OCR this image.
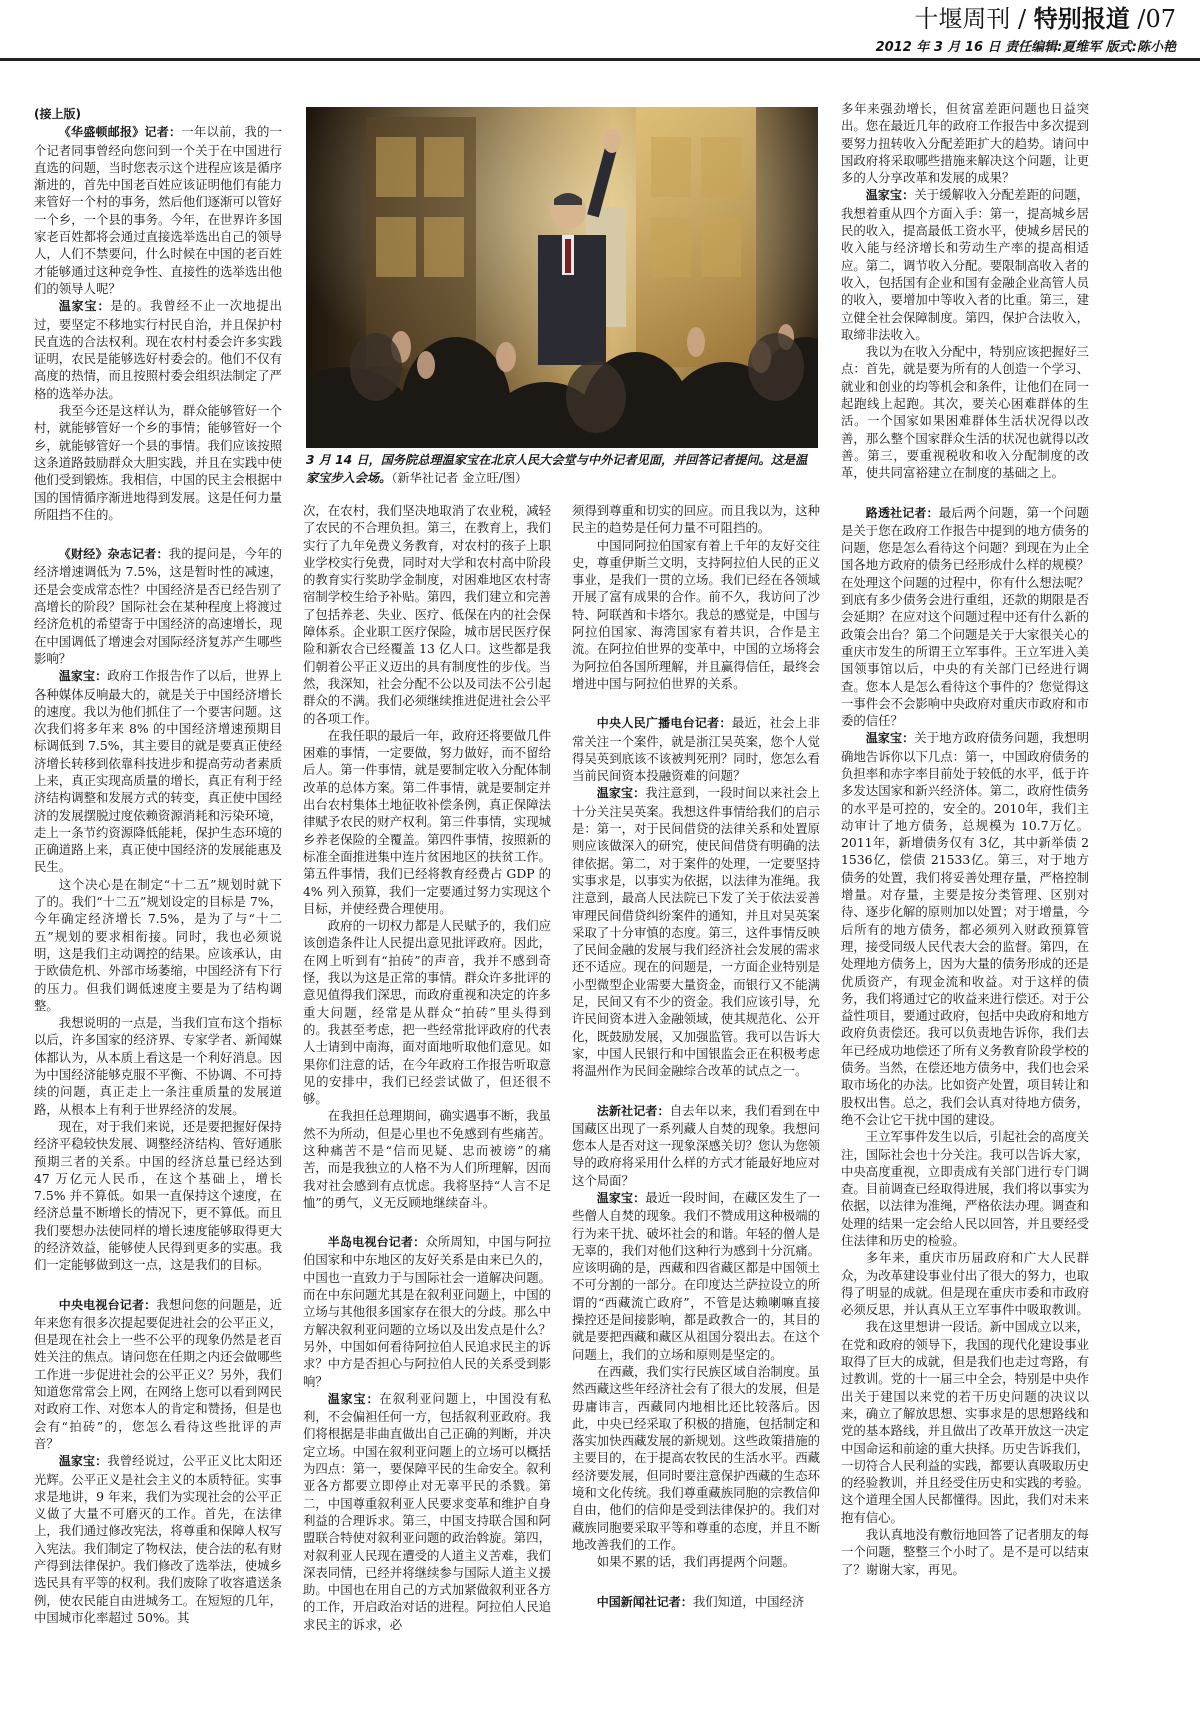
十堰周刊 / 特别报道 /07
2012 年 3 月 16 日 责任编辑:夏维军 版式:陈小艳

(接上版)

《华盛顿邮报》记者：一年以前，我的一个记者同事曾经向您问到一个关于在中国进行直选的问题，当时您表示这个进程应该是循序渐进的，首先中国老百姓应该证明他们有能力来管好一个村的事务，然后他们逐渐可以管好一个乡，一个县的事务。今年，在世界许多国家老百姓都将会通过直接选举选出自己的领导人，人们不禁要问，什么时候在中国的老百姓才能够通过这种竞争性、直接性的选举选出他们的领导人呢？

温家宝：是的。我曾经不止一次地提出过，要坚定不移地实行村民自治，并且保护村民直选的合法权利。现在农村村委会许多实践证明，农民是能够选好村委会的。他们不仅有高度的热情，而且按照村委会组织法制定了严格的选举办法。

我至今还是这样认为，群众能够管好一个村，就能够管好一个乡的事情；能够管好一个乡，就能够管好一个县的事情。我们应该按照这条道路鼓励群众大胆实践，并且在实践中使他们受到锻炼。我相信，中国的民主会根据中国的国情循序渐进地得到发展。这是任何力量所阻挡不住的。

《财经》杂志记者：我的提问是，今年的经济增速调低为 7.5%，这是暂时性的减速，还是会变成常态性？中国经济是否已经告别了高增长的阶段？国际社会在某种程度上将渡过经济危机的希望寄于中国经济的高速增长，现在中国调低了增速会对国际经济复苏产生哪些影响？

温家宝：政府工作报告作了以后，世界上各种媒体反响最大的，就是关于中国经济增长的速度。我以为他们抓住了一个要害问题。这次我们将多年来 8% 的中国经济增速预期目标调低到 7.5%，其主要目的就是要真正使经济增长转移到依靠科技进步和提高劳动者素质上来，真正实现高质量的增长，真正有利于经济结构调整和发展方式的转变，真正使中国经济的发展摆脱过度依赖资源消耗和污染环境，走上一条节约资源降低能耗，保护生态环境的正确道路上来，真正使中国经济的发展能惠及民生。

这个决心是在制定“十二五”规划时就下了的。我们“十二五”规划设定的目标是 7%，今年确定经济增长 7.5%，是为了与“十二五”规划的要求相衔接。同时，我也必须说明，这是我们主动调控的结果。应该承认，由于欧债危机、外部市场萎缩，中国经济有下行的压力。但我们调低速度主要是为了结构调整。

我想说明的一点是，当我们宣布这个指标以后，许多国家的经济界、专家学者、新闻媒体都认为，从本质上看这是一个利好消息。因为中国经济能够克服不平衡、不协调、不可持续的问题，真正走上一条注重质量的发展道路，从根本上有利于世界经济的发展。

现在，对于我们来说，还是要把握好保持经济平稳较快发展、调整经济结构、管好通胀预期三者的关系。中国的经济总量已经达到 47 万亿元人民币，在这个基础上，增长 7.5% 并不算低。如果一直保持这个速度，在经济总量不断增长的情况下，更不算低。而且我们要想办法使同样的增长速度能够取得更大的经济效益，能够使人民得到更多的实惠。我们一定能够做到这一点，这是我们的目标。

中央电视台记者：我想问您的问题是，近年来您有很多次提起要促进社会的公平正义，但是现在社会上一些不公平的现象仍然是老百姓关注的焦点。请问您在任期之内还会做哪些工作进一步促进社会的公平正义？另外，我们知道您常常会上网，在网络上您可以看到网民对政府工作、对您本人的肯定和赞扬，但是也会有“拍砖”的，您怎么看待这些批评的声音？

温家宝：我曾经说过，公平正义比太阳还光辉。公平正义是社会主义的本质特征。实事求是地讲，9 年来，我们为实现社会的公平正义做了大量不可磨灭的工作。首先，在法律上，我们通过修改宪法，将尊重和保障人权写入宪法。我们制定了物权法，使合法的私有财产得到法律保护。我们修改了选举法，使城乡选民具有平等的权利。我们废除了收容遣送条例，使农民能自由进城务工。在短短的几年，中国城市化率超过 50%。其

3 月 14 日，国务院总理温家宝在北京人民大会堂与中外记者见面，并回答记者提问。这是温家宝步入会场。（新华社记者 金立旺/图）

次，在农村，我们坚决地取消了农业税，减轻了农民的不合理负担。第三，在教育上，我们实行了九年免费义务教育，对农村的孩子上职业学校实行免费，同时对大学和农村高中阶段的教育实行奖助学金制度，对困难地区农村寄宿制学校生给予补贴。第四，我们建立和完善了包括养老、失业、医疗、低保在内的社会保障体系。企业职工医疗保险，城市居民医疗保险和新农合已经覆盖 13 亿人口。这些都是我们朝着公平正义迈出的具有制度性的步伐。当然，我深知，社会分配不公以及司法不公引起群众的不满。我们必须继续推进促进社会公平的各项工作。

在我任职的最后一年，政府还将要做几件困难的事情，一定要做，努力做好，而不留给后人。第一件事情，就是要制定收入分配体制改革的总体方案。第二件事情，就是要制定并出台农村集体土地征收补偿条例，真正保障法律赋予农民的财产权利。第三件事情，实现城乡养老保险的全覆盖。第四件事情，按照新的标准全面推进集中连片贫困地区的扶贫工作。第五件事情，我们已经将教育经费占 GDP 的 4% 列入预算，我们一定要通过努力实现这个目标，并使经费合理使用。

政府的一切权力都是人民赋予的，我们应该创造条件让人民提出意见批评政府。因此，在网上听到有“拍砖”的声音，我并不感到奇怪，我以为这是正常的事情。群众许多批评的意见值得我们深思，而政府重视和决定的许多重大问题，经常是从群众“拍砖”里头得到的。我甚至考虑，把一些经常批评政府的代表人士请到中南海，面对面地听取他们意见。如果你们注意的话，在今年政府工作报告听取意见的安排中，我们已经尝试做了，但还很不够。

在我担任总理期间，确实遇事不断，我虽然不为所动，但是心里也不免感到有些痛苦。这种痛苦不是“信而见疑、忠而被谤”的痛苦，而是我独立的人格不为人们所理解，因而我对社会感到有点忧虑。我将坚持“人言不足恤”的勇气，义无反顾地继续奋斗。

半岛电视台记者：众所周知，中国与阿拉伯国家和中东地区的友好关系是由来已久的，中国也一直致力于与国际社会一道解决问题。而在中东问题尤其是在叙利亚问题上，中国的立场与其他很多国家存在很大的分歧。那么中方解决叙利亚问题的立场以及出发点是什么？另外，中国如何看待阿拉伯人民追求民主的诉求？中方是否担心与阿拉伯人民的关系受到影响？

温家宝：在叙利亚问题上，中国没有私利，不会偏袒任何一方，包括叙利亚政府。我们将根据是非曲直做出自己正确的判断，并决定立场。中国在叙利亚问题上的立场可以概括为四点：第一，要保障平民的生命安全。叙利亚各方都要立即停止对无辜平民的杀戮。第二，中国尊重叙利亚人民要求变革和维护自身利益的合理诉求。第三，中国支持联合国和阿盟联合特使对叙利亚问题的政治斡旋。第四，对叙利亚人民现在遭受的人道主义苦难，我们深表同情，已经并将继续参与国际人道主义援助。中国也在用自己的方式加紧做叙利亚各方的工作，开启政治对话的进程。阿拉伯人民追求民主的诉求，必

须得到尊重和切实的回应。而且我以为，这种民主的趋势是任何力量不可阻挡的。

中国同阿拉伯国家有着上千年的友好交往史，尊重伊斯兰文明，支持阿拉伯人民的正义事业，是我们一贯的立场。我们已经在各领域开展了富有成果的合作。前不久，我访问了沙特、阿联酋和卡塔尔。我总的感觉是，中国与阿拉伯国家、海湾国家有着共识，合作是主流。在阿拉伯世界的变革中，中国的立场将会为阿拉伯各国所理解，并且赢得信任，最终会增进中国与阿拉伯世界的关系。

中央人民广播电台记者：最近，社会上非常关注一个案件，就是浙江吴英案，您个人觉得吴英到底该不该被判死刑？同时，您怎么看当前民间资本投融资难的问题？

温家宝：我注意到，一段时间以来社会上十分关注吴英案。我想这件事情给我们的启示是：第一，对于民间借贷的法律关系和处置原则应该做深入的研究，使民间借贷有明确的法律依据。第二，对于案件的处理，一定要坚持实事求是，以事实为依据，以法律为准绳。我注意到，最高人民法院已下发了关于依法妥善审理民间借贷纠纷案件的通知，并且对吴英案采取了十分审慎的态度。第三，这件事情反映了民间金融的发展与我们经济社会发展的需求还不适应。现在的问题是，一方面企业特别是小型微型企业需要大量资金，而银行又不能满足，民间又有不少的资金。我们应该引导，允许民间资本进入金融领域，使其规范化、公开化，既鼓励发展，又加强监管。我可以告诉大家，中国人民银行和中国银监会正在积极考虑将温州作为民间金融综合改革的试点之一。

法新社记者：自去年以来，我们看到在中国藏区出现了一系列藏人自焚的现象。我想问您本人是否对这一现象深感关切？您认为您领导的政府将采用什么样的方式才能最好地应对这个局面？

温家宝：最近一段时间，在藏区发生了一些僧人自焚的现象。我们不赞成用这种极端的行为来干扰、破坏社会的和谐。年轻的僧人是无辜的，我们对他们这种行为感到十分沉痛。应该明确的是，西藏和四省藏区都是中国领土不可分割的一部分。在印度达兰萨拉设立的所谓的“西藏流亡政府”，不管是达赖喇嘛直接操控还是间接影响，都是政教合一的，其目的就是要把西藏和藏区从祖国分裂出去。在这个问题上，我们的立场和原则是坚定的。

在西藏，我们实行民族区域自治制度。虽然西藏这些年经济社会有了很大的发展，但是毋庸讳言，西藏同内地相比还比较落后。因此，中央已经采取了积极的措施，包括制定和落实加快西藏发展的新规划。这些政策措施的主要目的，在于提高农牧民的生活水平。西藏经济要发展，但同时要注意保护西藏的生态环境和文化传统。我们尊重藏族同胞的宗教信仰自由，他们的信仰是受到法律保护的。我们对藏族同胞要采取平等和尊重的态度，并且不断地改善我们的工作。

如果不累的话，我们再提两个问题。

中国新闻社记者：我们知道，中国经济

多年来强劲增长，但贫富差距问题也日益突出。您在最近几年的政府工作报告中多次提到要努力扭转收入分配差距扩大的趋势。请问中国政府将采取哪些措施来解决这个问题，让更多的人分享改革和发展的成果？

温家宝：关于缓解收入分配差距的问题，我想着重从四个方面入手：第一，提高城乡居民的收入，提高最低工资水平，使城乡居民的收入能与经济增长和劳动生产率的提高相适应。第二，调节收入分配。要限制高收入者的收入，包括国有企业和国有金融企业高管人员的收入，要增加中等收入者的比重。第三，建立健全社会保障制度。第四，保护合法收入，取缔非法收入。

我以为在收入分配中，特别应该把握好三点：首先，就是要为所有的人创造一个学习、就业和创业的均等机会和条件，让他们在同一起跑线上起跑。其次，要关心困难群体的生活。一个国家如果困难群体生活状况得以改善，那么整个国家群众生活的状况也就得以改善。第三，要重视税收和收入分配制度的改革，使共同富裕建立在制度的基础之上。

路透社记者：最后两个问题，第一个问题是关于您在政府工作报告中提到的地方债务的问题，您是怎么看待这个问题？到现在为止全国各地方政府的债务已经形成什么样的规模？在处理这个问题的过程中，你有什么想法呢？到底有多少债务会进行重组，还款的期限是否会延期？在应对这个问题过程中还有什么新的政策会出台？第二个问题是关于大家很关心的重庆市发生的所谓王立军事件。王立军进入美国领事馆以后，中央的有关部门已经进行调查。您本人是怎么看待这个事件的？您觉得这一事件会不会影响中央政府对重庆市政府和市委的信任？

温家宝：关于地方政府债务问题，我想明确地告诉你以下几点：第一，中国政府债务的负担率和赤字率目前处于较低的水平，低于许多发达国家和新兴经济体。第二，政府性债务的水平是可控的，安全的。2010年，我们主动审计了地方债务，总规模为 10.7万亿。2011年，新增债务仅有 3亿，其中新举债 2 1536亿，偿债 21533亿。第三，对于地方债务的处置，我们将妥善处理存量，严格控制增量。对存量，主要是按分类管理、区别对待、逐步化解的原则加以处置；对于增量，今后所有的地方债务，都必须列入财政预算管理，接受同级人民代表大会的监督。第四，在处理地方债务上，因为大量的债务形成的还是优质资产，有现金流和收益。对于这样的债务，我们将通过它的收益来进行偿还。对于公益性项目，要通过政府，包括中央政府和地方政府负责偿还。我可以负责地告诉你，我们去年已经成功地偿还了所有义务教育阶段学校的债务。当然，在偿还地方债务中，我们也会采取市场化的办法。比如资产处置，项目转让和股权出售。总之，我们会认真对待地方债务，绝不会让它干扰中国的建设。

王立军事件发生以后，引起社会的高度关注，国际社会也十分关注。我可以告诉大家，中央高度重视，立即责成有关部门进行专门调查。目前调查已经取得进展，我们将以事实为依据，以法律为准绳，严格依法办理。调查和处理的结果一定会给人民以回答，并且要经受住法律和历史的检验。

多年来，重庆市历届政府和广大人民群众，为改革建设事业付出了很大的努力，也取得了明显的成就。但是现在重庆市委和市政府必须反思，并认真从王立军事件中吸取教训。

我在这里想讲一段话。新中国成立以来，在党和政府的领导下，我国的现代化建设事业取得了巨大的成就，但是我们也走过弯路，有过教训。党的十一届三中全会，特别是中央作出关于建国以来党的若干历史问题的决议以来，确立了解放思想、实事求是的思想路线和党的基本路线，并且做出了改革开放这一决定中国命运和前途的重大抉择。历史告诉我们，一切符合人民利益的实践，都要认真吸取历史的经验教训，并且经受住历史和实践的考验。这个道理全国人民都懂得。因此，我们对未来抱有信心。

我认真地没有敷衍地回答了记者朋友的每一个问题，整整三个小时了。是不是可以结束了？谢谢大家，再见。
